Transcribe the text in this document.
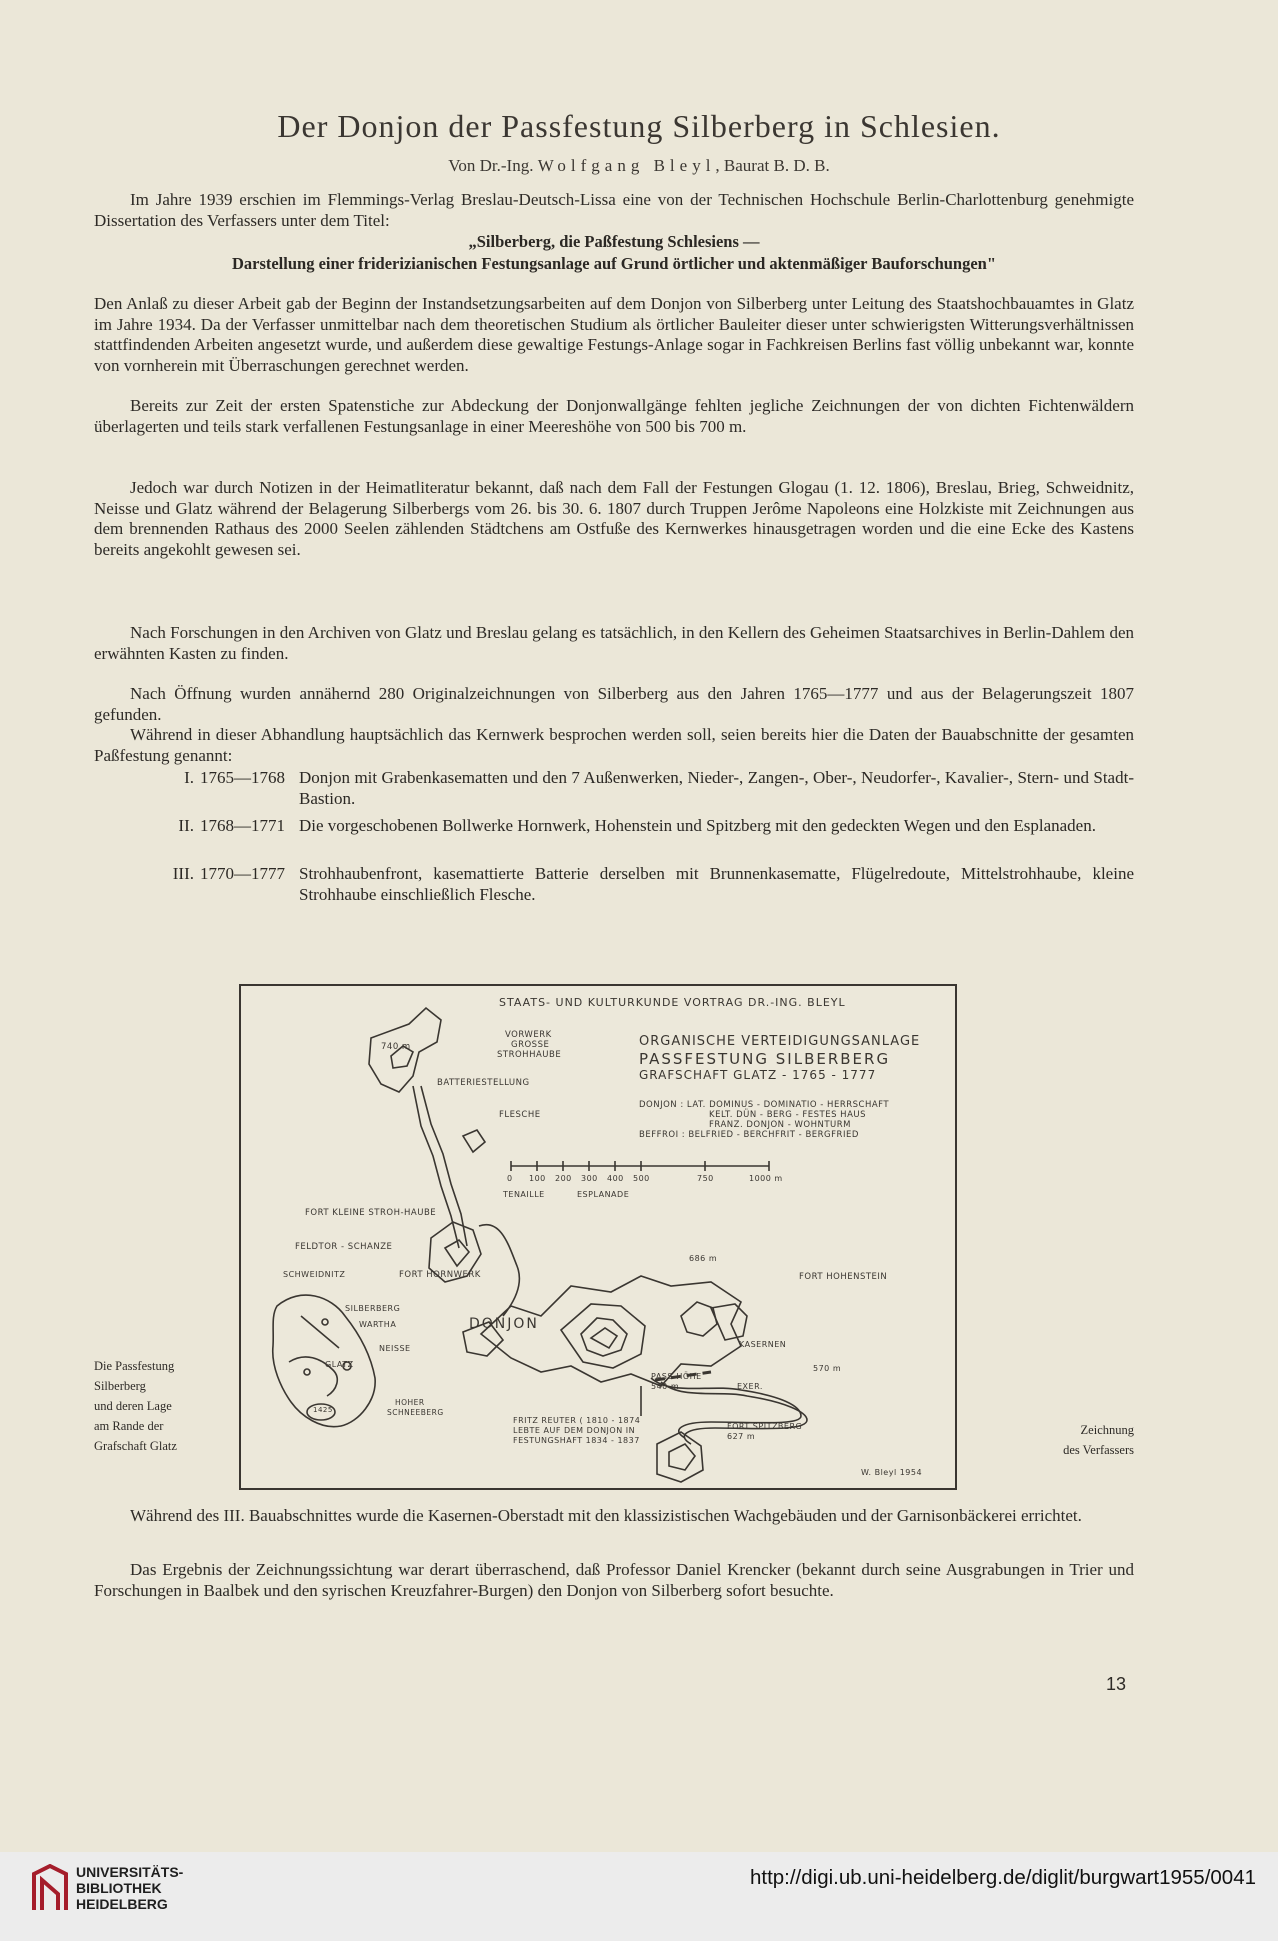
Der Donjon der Passfestung Silberberg in Schlesien.
Von Dr.-Ing. Wolfgang Bleyl, Baurat B. D. B.
Im Jahre 1939 erschien im Flemmings-Verlag Breslau-Deutsch-Lissa eine von der Technischen Hochschule Berlin-Charlottenburg genehmigte Dissertation des Verfassers unter dem Titel:
„Silberberg, die Paßfestung Schlesiens —
Darstellung einer friderizianischen Festungsanlage auf Grund örtlicher und aktenmäßiger Bauforschungen"
Den Anlaß zu dieser Arbeit gab der Beginn der Instandsetzungsarbeiten auf dem Donjon von Silberberg unter Leitung des Staatshochbauamtes in Glatz im Jahre 1934. Da der Verfasser unmittelbar nach dem theoretischen Studium als örtlicher Bauleiter dieser unter schwierigsten Witterungsverhältnissen stattfindenden Arbeiten angesetzt wurde, und außerdem diese gewaltige Festungs-Anlage sogar in Fachkreisen Berlins fast völlig unbekannt war, konnte von vornherein mit Überraschungen gerechnet werden.
Bereits zur Zeit der ersten Spatenstiche zur Abdeckung der Donjonwallgänge fehlten jegliche Zeichnungen der von dichten Fichtenwäldern überlagerten und teils stark verfallenen Festungsanlage in einer Meereshöhe von 500 bis 700 m.
Jedoch war durch Notizen in der Heimatliteratur bekannt, daß nach dem Fall der Festungen Glogau (1. 12. 1806), Breslau, Brieg, Schweidnitz, Neisse und Glatz während der Belagerung Silberbergs vom 26. bis 30. 6. 1807 durch Truppen Jerôme Napoleons eine Holzkiste mit Zeichnungen aus dem brennenden Rathaus des 2000 Seelen zählenden Städtchens am Ostfuße des Kernwerkes hinausgetragen worden und die eine Ecke des Kastens bereits angekohlt gewesen sei.
Nach Forschungen in den Archiven von Glatz und Breslau gelang es tatsächlich, in den Kellern des Geheimen Staatsarchives in Berlin-Dahlem den erwähnten Kasten zu finden.
Nach Öffnung wurden annähernd 280 Originalzeichnungen von Silberberg aus den Jahren 1765—1777 und aus der Belagerungszeit 1807 gefunden.
Während in dieser Abhandlung hauptsächlich das Kernwerk besprochen werden soll, seien bereits hier die Daten der Bauabschnitte der gesamten Paßfestung genannt:
I. 1765—1768 Donjon mit Grabenkasematten und den 7 Außenwerken, Nieder-, Zangen-, Ober-, Neudorfer-, Kavalier-, Stern- und Stadt-Bastion.
II. 1768—1771 Die vorgeschobenen Bollwerke Hornwerk, Hohenstein und Spitzberg mit den gedeckten Wegen und den Esplanaden.
III. 1770—1777 Strohhaubenfront, kasemattierte Batterie derselben mit Brunnenkasematte, Flügelredoute, Mittelstrohhaube, kleine Strohhaube einschließlich Flesche.
STAATS- UND KULTURKUNDE VORTRAG DR.-ING. BLEYL
ORGANISCHE VERTEIDIGUNGSANLAGE
PASSFESTUNG SILBERBERG
GRAFSCHAFT GLATZ - 1765 - 1777
DONJON : LAT. DOMINUS - DOMINATIO - HERRSCHAFT
KELT. DÜN - BERG - FESTES HAUS
FRANZ. DONJON - WOHNTURM
BEFFROI : BELFRIED - BERCHFRIT - BERGFRIED
0 100 200 300 400 500	750	1000 m
TENAILLE	ESPLANADE
VORWERK
GROSSE
STROHHAUBE
740 m
BATTERIESTELLUNG
FLESCHE
FORT KLEINE STROH-HAUBE
FELDTOR - SCHANZE
SCHWEIDNITZ	FORT HORNWERK
686 m
FORT HOHENSTEIN
DONJON
SILBERBERG
WARTHA
NEISSE
GLATZ
HOHER
SCHNEEBERG
1425
KASERNEN
570 m
PASS-HÖHE
540 m	EXER.
FORT SPITZBERG
627 m
FRITZ REUTER ( 1810 - 1874
LEBTE AUF DEM DONJON IN
FESTUNGSHAFT 1834 - 1837
W. Bleyl 1954
Die Passfestung
Silberberg
und deren Lage
am Rande der
Grafschaft Glatz
Zeichnung
des Verfassers
Während des III. Bauabschnittes wurde die Kasernen-Oberstadt mit den klassizistischen Wachgebäuden und der Garnisonbäckerei errichtet.
Das Ergebnis der Zeichnungssichtung war derart überraschend, daß Professor Daniel Krencker (bekannt durch seine Ausgrabungen in Trier und Forschungen in Baalbek und den syrischen Kreuzfahrer-Burgen) den Donjon von Silberberg sofort besuchte.
13
UNIVERSITÄTS-
BIBLIOTHEK
HEIDELBERG
http://digi.ub.uni-heidelberg.de/diglit/burgwart1955/0041
